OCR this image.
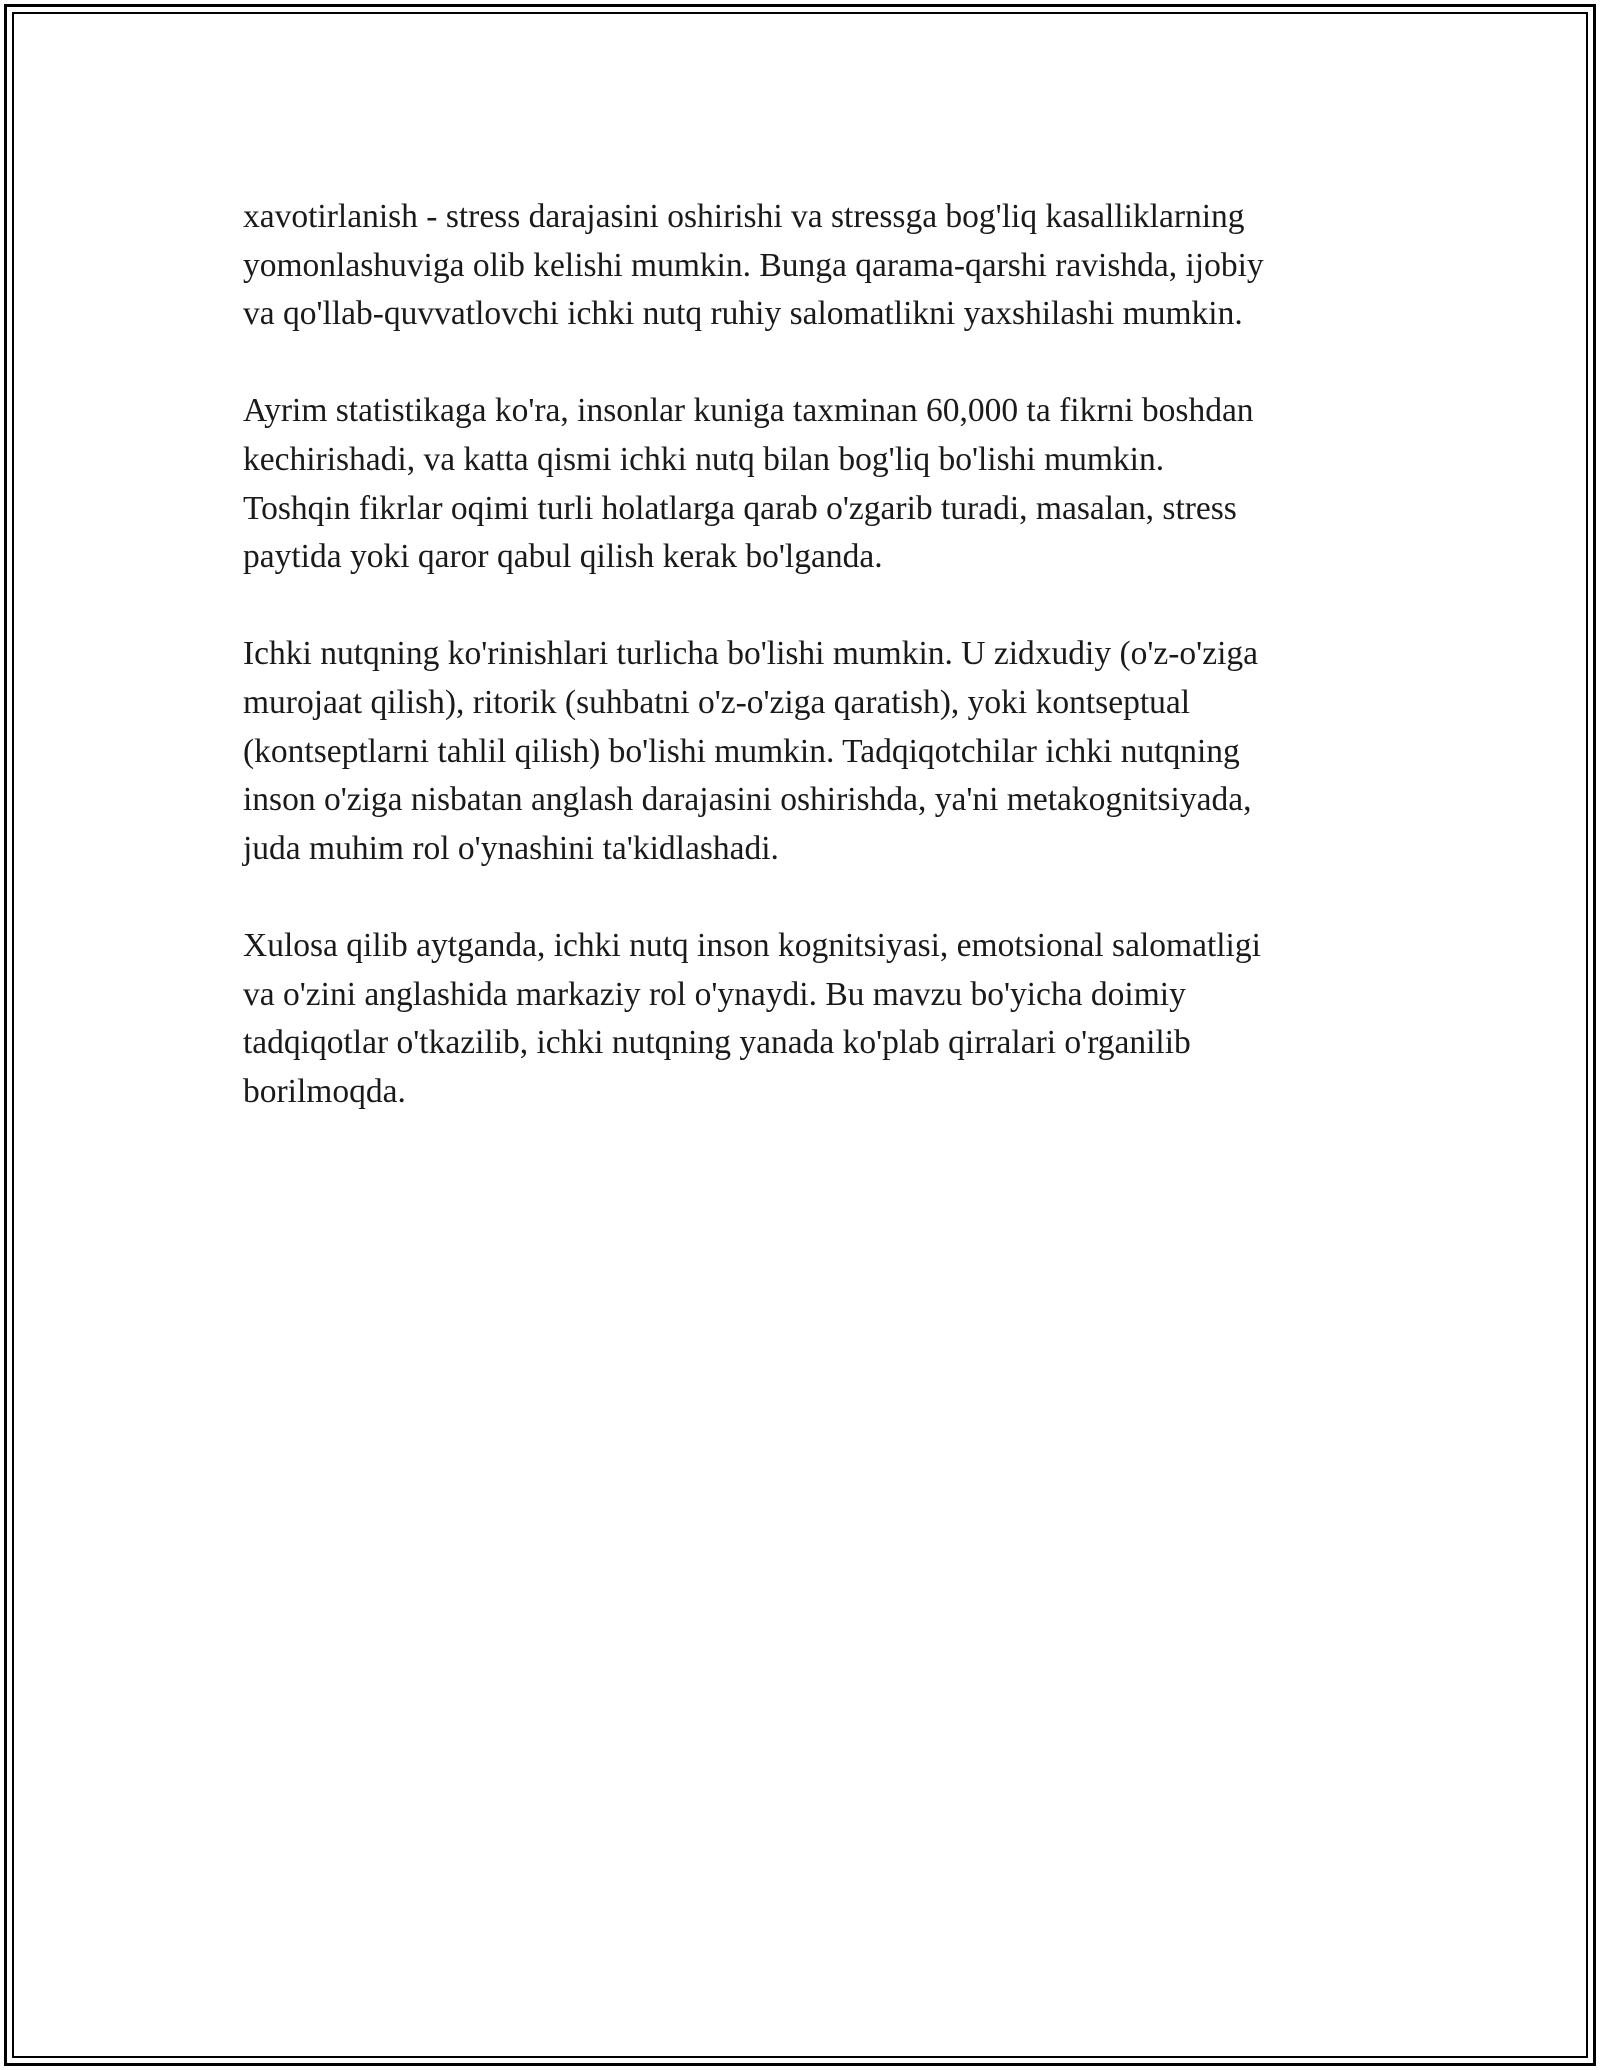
xavotirlanish - stress darajasini oshirishi va stressga bog'liq kasalliklarning
yomonlashuviga olib kelishi mumkin. Bunga qarama-qarshi ravishda, ijobiy
va qo'llab-quvvatlovchi ichki nutq ruhiy salomatlikni yaxshilashi mumkin.

Ayrim statistikaga ko'ra, insonlar kuniga taxminan 60,000 ta fikrni boshdan
kechirishadi, va katta qismi ichki nutq bilan bog'liq bo'lishi mumkin.
Toshqin fikrlar oqimi turli holatlarga qarab o'zgarib turadi, masalan, stress
paytida yoki qaror qabul qilish kerak bo'lganda.

Ichki nutqning ko'rinishlari turlicha bo'lishi mumkin. U zidxudiy (o'z-o'ziga
murojaat qilish), ritorik (suhbatni o'z-o'ziga qaratish), yoki kontseptual
(kontseptlarni tahlil qilish) bo'lishi mumkin. Tadqiqotchilar ichki nutqning
inson o'ziga nisbatan anglash darajasini oshirishda, ya'ni metakognitsiyada,
juda muhim rol o'ynashini ta'kidlashadi.

Xulosa qilib aytganda, ichki nutq inson kognitsiyasi, emotsional salomatligi
va o'zini anglashida markaziy rol o'ynaydi. Bu mavzu bo'yicha doimiy
tadqiqotlar o'tkazilib, ichki nutqning yanada ko'plab qirralari o'rganilib
borilmoqda.
